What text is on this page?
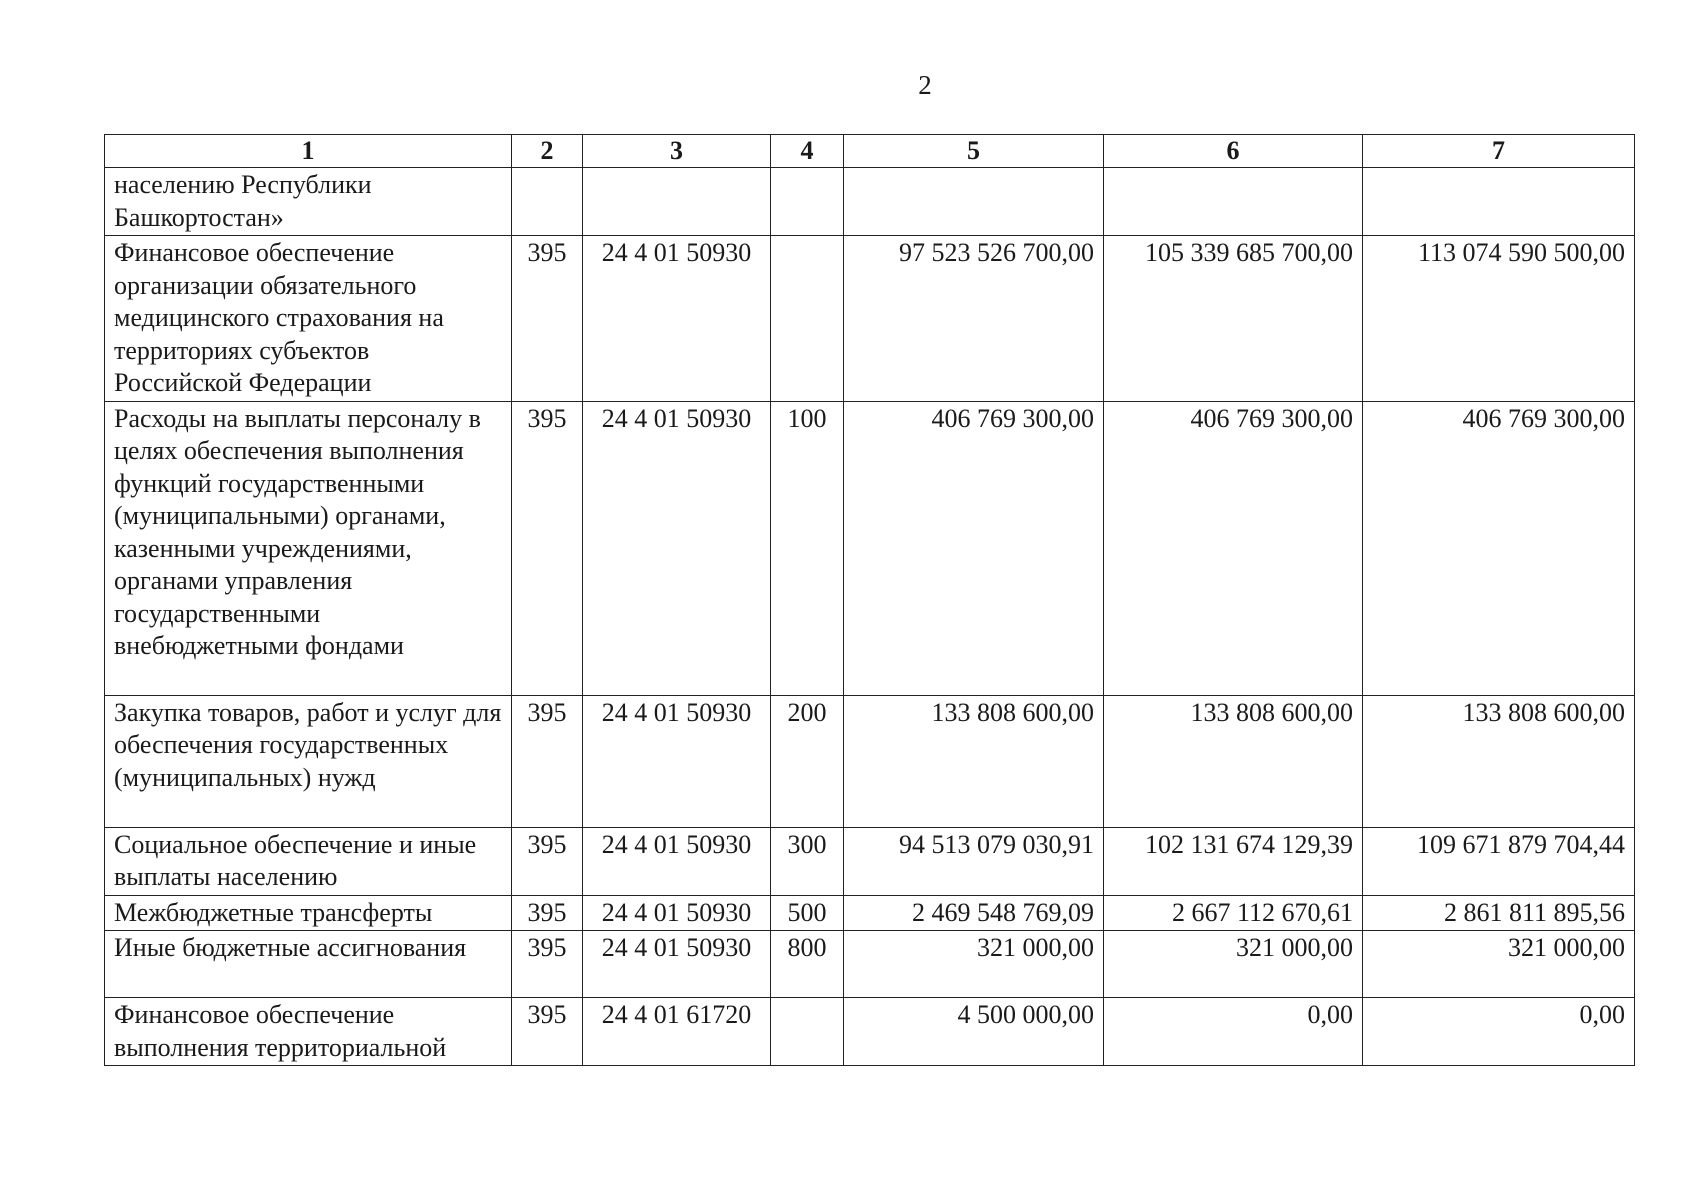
2
1	2	3	4	5	6	7
населению Республики Башкортостан»						
Финансовое обеспечение организации обязательного медицинского страхования на территориях субъектов Российской Федерации	395	24 4 01 50930		97 523 526 700,00	105 339 685 700,00	113 074 590 500,00
Расходы на выплаты персоналу в целях обеспечения выполнения функций государственными (муниципальными) органами, казенными учреждениями, органами управления государственными внебюджетными фондами	395	24 4 01 50930	100	406 769 300,00	406 769 300,00	406 769 300,00
Закупка товаров, работ и услуг для обеспечения государственных (муниципальных) нужд	395	24 4 01 50930	200	133 808 600,00	133 808 600,00	133 808 600,00
Социальное обеспечение и иные выплаты населению	395	24 4 01 50930	300	94 513 079 030,91	102 131 674 129,39	109 671 879 704,44
Межбюджетные трансферты	395	24 4 01 50930	500	2 469 548 769,09	2 667 112 670,61	2 861 811 895,56
Иные бюджетные ассигнования	395	24 4 01 50930	800	321 000,00	321 000,00	321 000,00
Финансовое обеспечение выполнения территориальной	395	24 4 01 61720		4 500 000,00	0,00	0,00
